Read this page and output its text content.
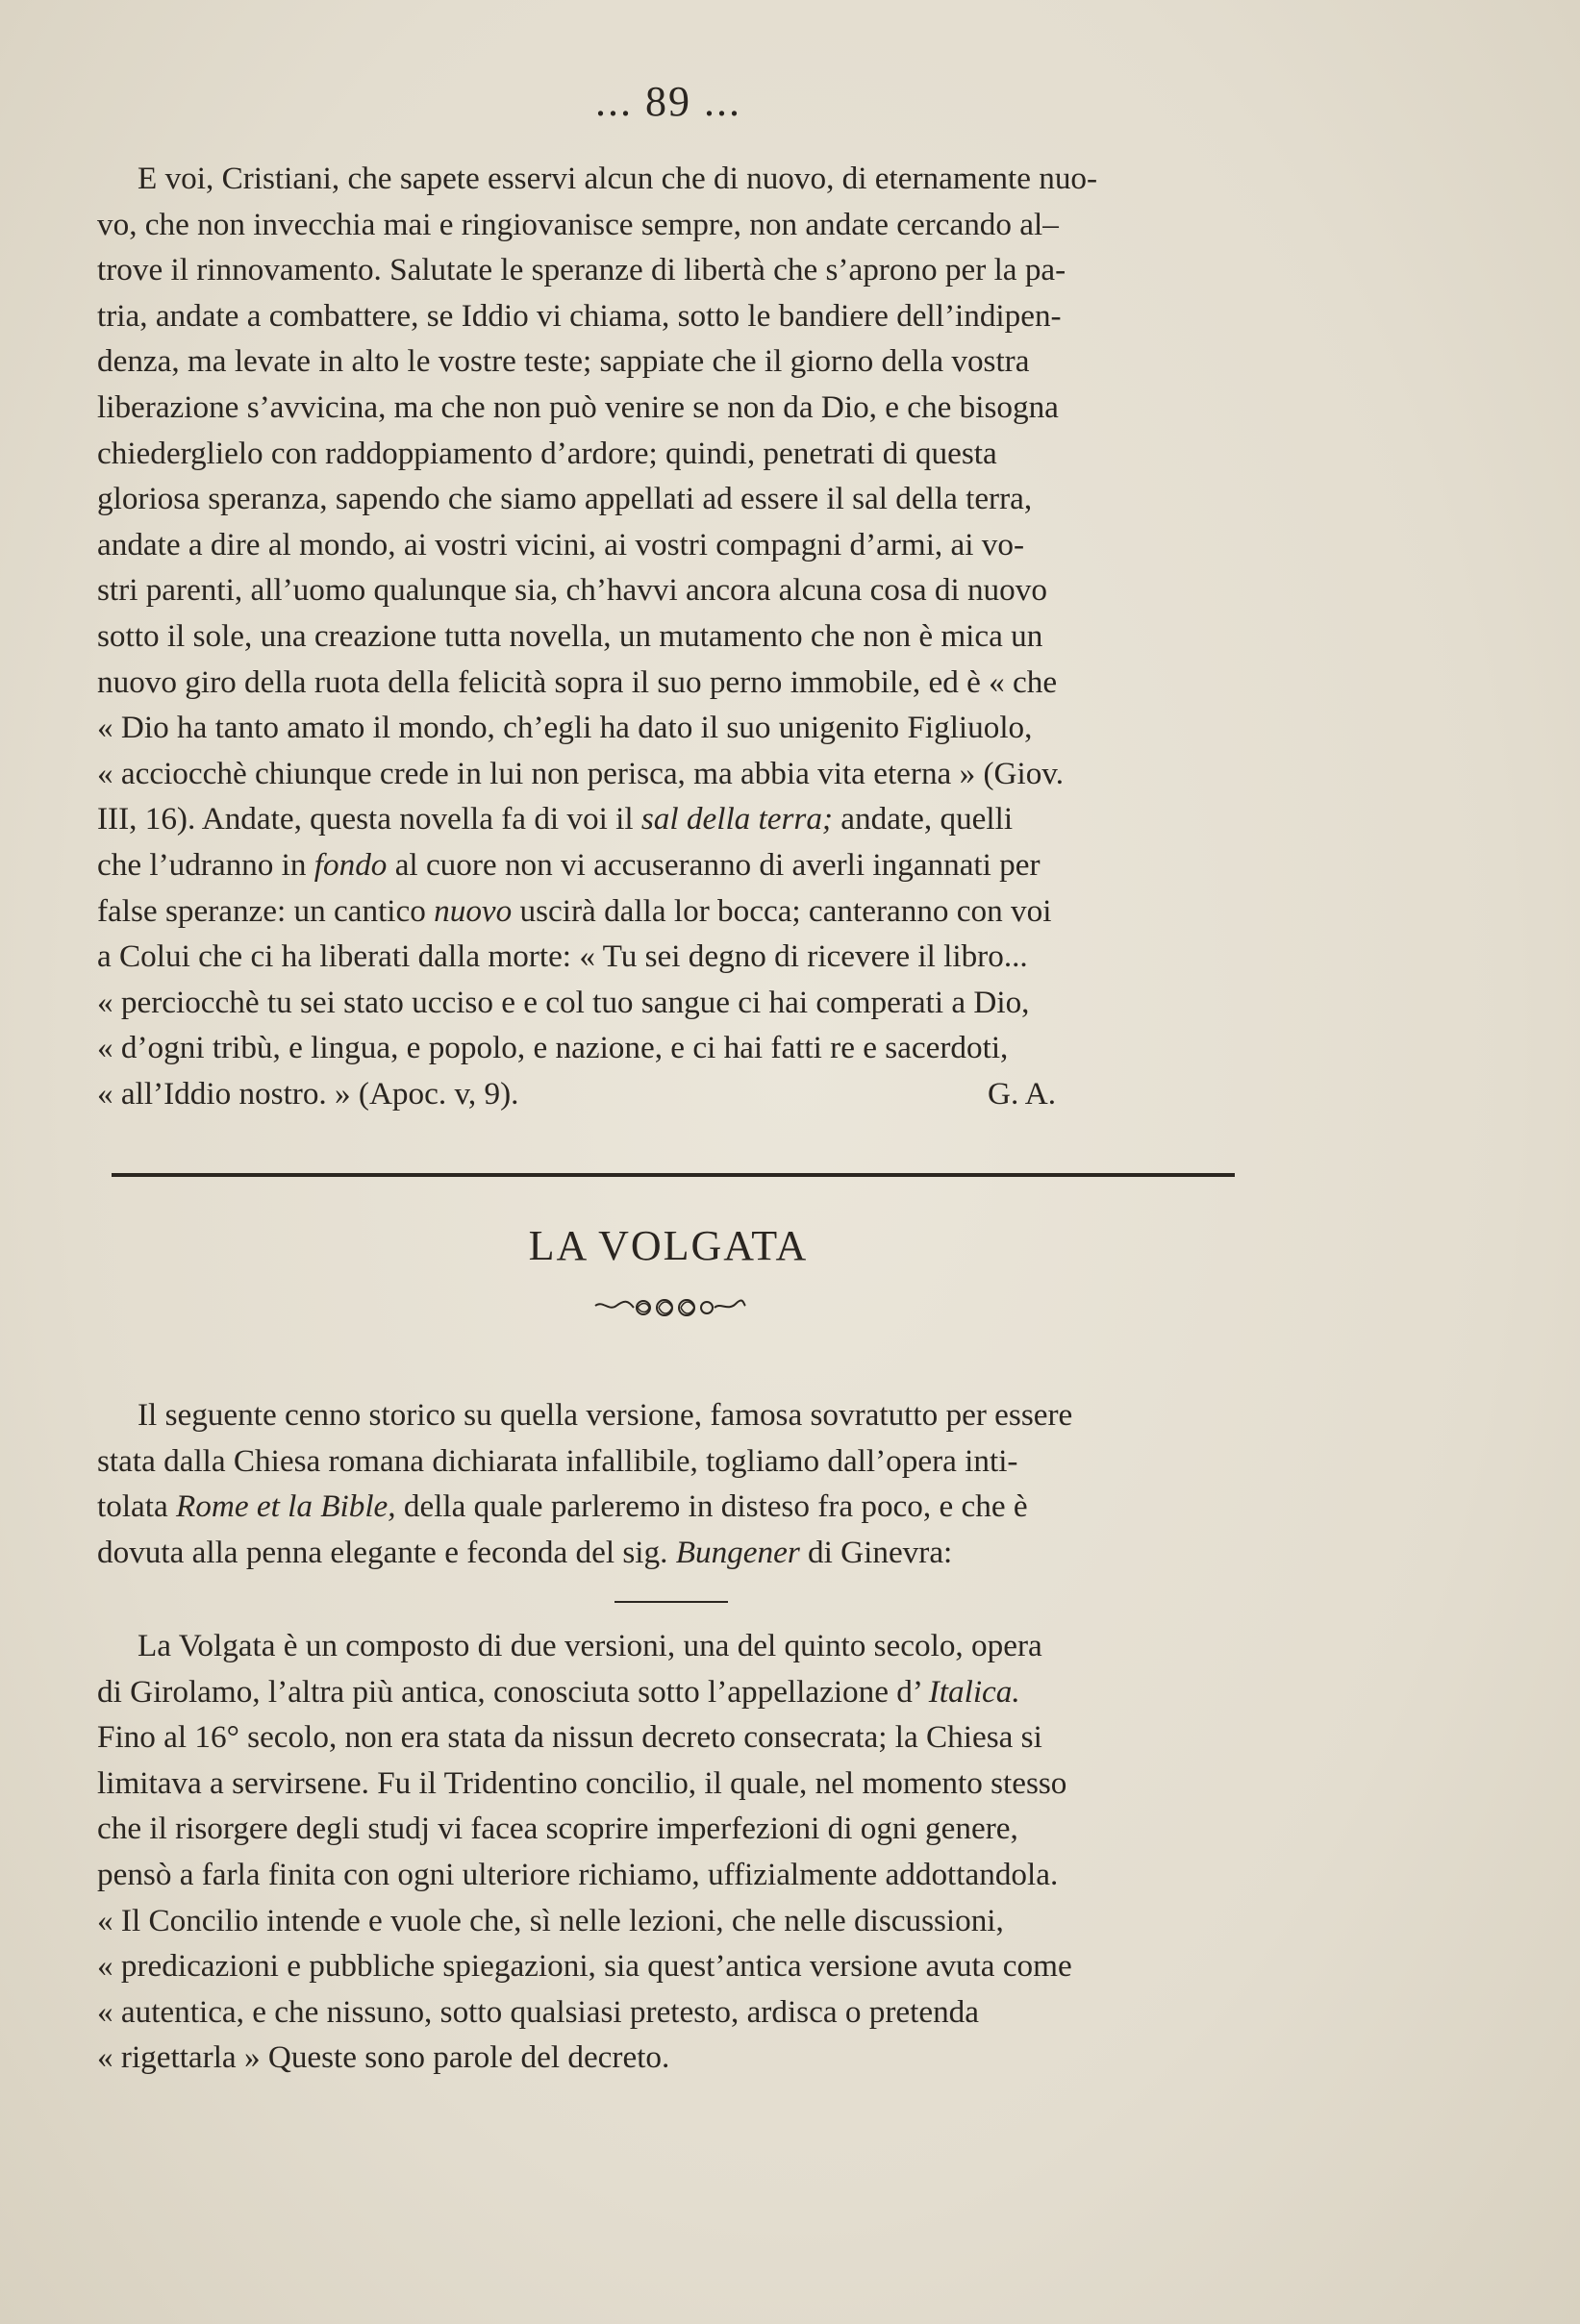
... 89 ...

E voi, Cristiani, che sapete esservi alcun che di nuovo, di eternamente nuo-

vo, che non invecchia mai e ringiovanisce sempre, non andate cercando al–

trove il rinnovamento. Salutate le speranze di libertà che s’aprono per la pa-

tria, andate a combattere, se Iddio vi chiama, sotto le bandiere dell’indipen-

denza, ma levate in alto le vostre teste; sappiate che il giorno della vostra

liberazione s’avvicina, ma che non può venire se non da Dio, e che bisogna

chiederglielo con raddoppiamento d’ardore; quindi, penetrati di questa

gloriosa speranza, sapendo che siamo appellati ad essere il sal della terra,

andate a dire al mondo, ai vostri vicini, ai vostri compagni d’armi, ai vo-

stri parenti, all’uomo qualunque sia, ch’havvi ancora alcuna cosa di nuovo

sotto il sole, una creazione tutta novella, un mutamento che non è mica un

nuovo giro della ruota della felicità sopra il suo perno immobile, ed è « che

« Dio ha tanto amato il mondo, ch’egli ha dato il suo unigenito Figliuolo,

« acciocchè chiunque crede in lui non perisca, ma abbia vita eterna » (Giov.

III, 16). Andate, questa novella fa di voi il sal della terra; andate, quelli

che l’udranno in fondo al cuore non vi accuseranno di averli ingannati per

false speranze: un cantico nuovo uscirà dalla lor bocca; canteranno con voi

a Colui che ci ha liberati dalla morte: « Tu sei degno di ricevere il libro...

« perciocchè tu sei stato ucciso e e col tuo sangue ci hai comperati a Dio,

« d’ogni tribù, e lingua, e popolo, e nazione, e ci hai fatti re e sacerdoti,

« all’Iddio nostro. » (Apoc. v, 9).	G. A.

LA VOLGATA

Il seguente cenno storico su quella versione, famosa sovratutto per essere

stata dalla Chiesa romana dichiarata infallibile, togliamo dall’opera inti-

tolata Rome et la Bible, della quale parleremo in disteso fra poco, e che è

dovuta alla penna elegante e feconda del sig. Bungener di Ginevra:

La Volgata è un composto di due versioni, una del quinto secolo, opera

di Girolamo, l’altra più antica, conosciuta sotto l’appellazione d’ Italica.

Fino al 16° secolo, non era stata da nissun decreto consecrata; la Chiesa si

limitava a servirsene. Fu il Tridentino concilio, il quale, nel momento stesso

che il risorgere degli studj vi facea scoprire imperfezioni di ogni genere,

pensò a farla finita con ogni ulteriore richiamo, uffizialmente addottandola.

« Il Concilio intende e vuole che, sì nelle lezioni, che nelle discussioni,

« predicazioni e pubbliche spiegazioni, sia quest’antica versione avuta come

« autentica, e che nissuno, sotto qualsiasi pretesto, ardisca o pretenda

« rigettarla » Queste sono parole del decreto.
